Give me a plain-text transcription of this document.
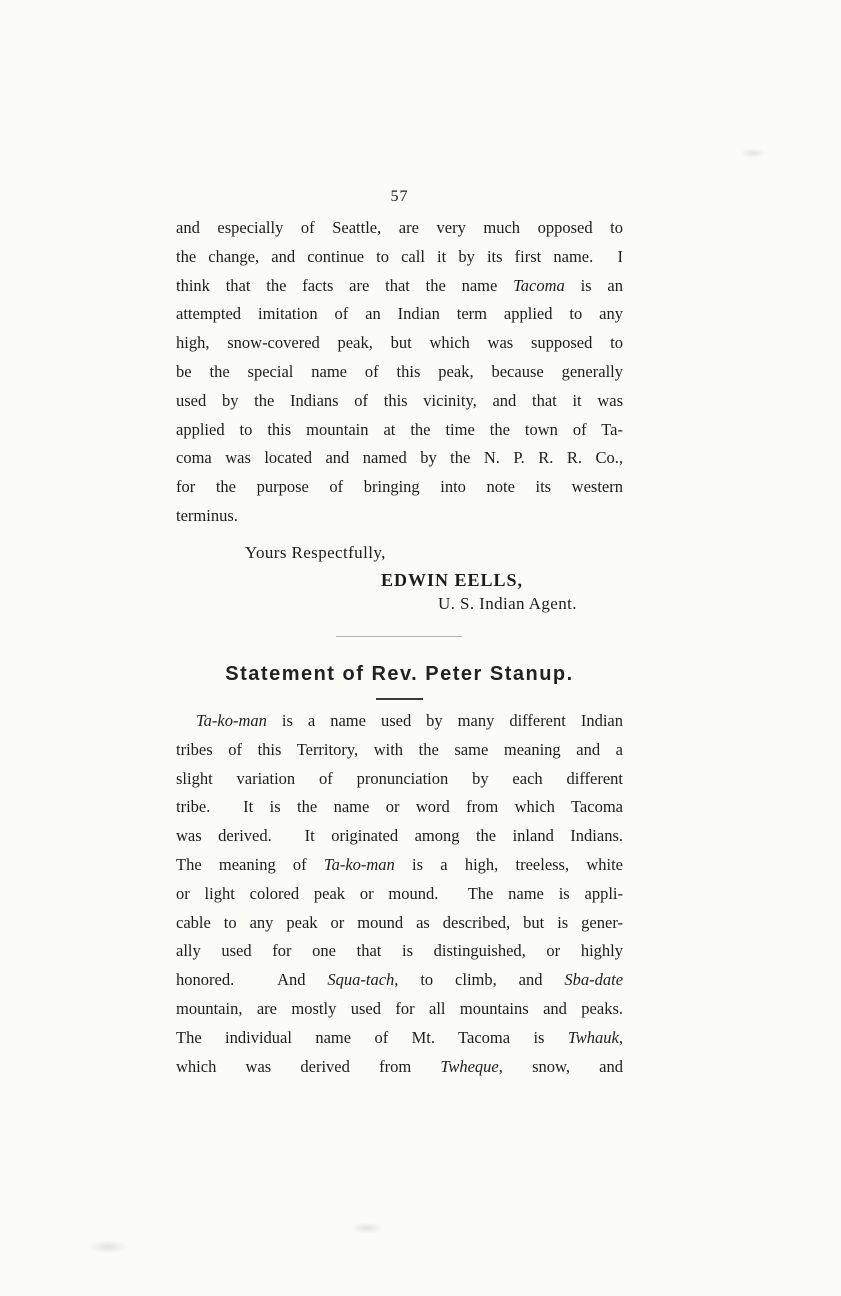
57
and especially of Seattle, are very much opposed to
the change, and continue to call it by its first name.  I
think that the facts are that the name Tacoma is an
attempted imitation of an Indian term applied to any
high, snow-covered peak, but which was supposed to
be the special name of this peak, because generally
used by the Indians of this vicinity, and that it was
applied to this mountain at the time the town of Ta-
coma was located and named by the N. P. R. R. Co.,
for the purpose of bringing into note its western
terminus.
Yours Respectfully,
EDWIN EELLS,
U. S. Indian Agent.
Statement of Rev. Peter Stanup.
Ta-ko-man is a name used by many different Indian
tribes of this Territory, with the same meaning and a
slight variation of pronunciation by each different
tribe.  It is the name or word from which Tacoma
was derived.  It originated among the inland Indians.
The meaning of Ta-ko-man is a high, treeless, white
or light colored peak or mound.  The name is appli-
cable to any peak or mound as described, but is gener-
ally used for one that is distinguished, or highly
honored.  And Squa-tach, to climb, and Sba-date
mountain, are mostly used for all mountains and peaks.
The individual name of Mt. Tacoma is Twhauk,
which was derived from Twheque, snow, and
